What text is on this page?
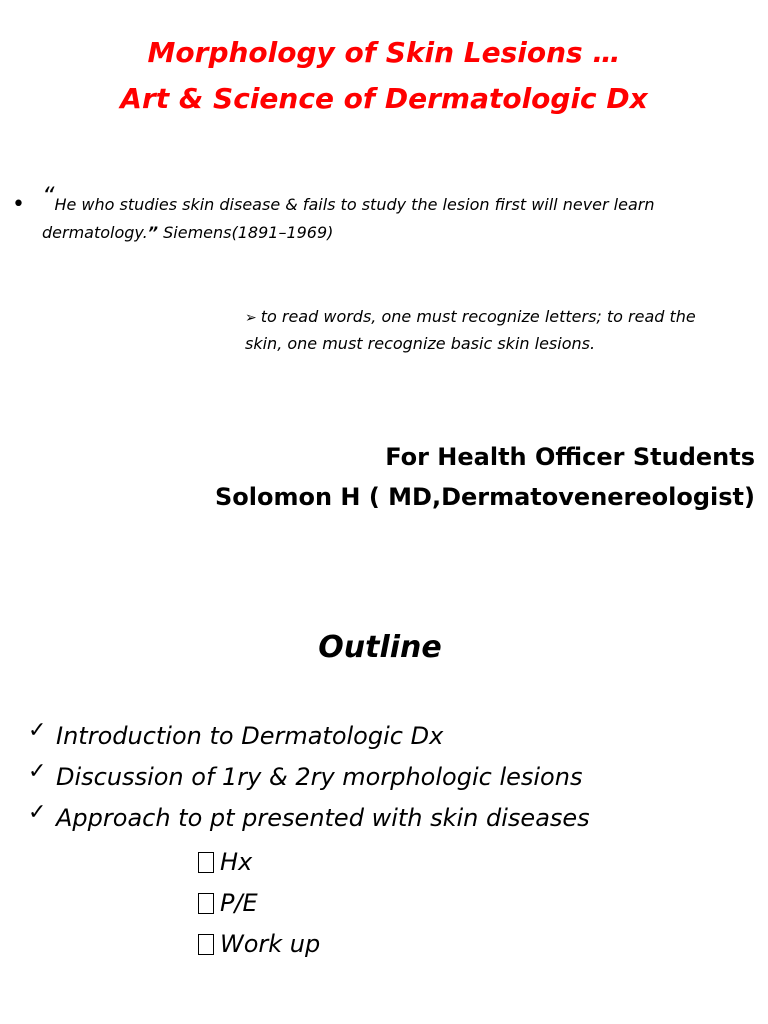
Morphology of Skin Lesions …
Art & Science of Dermatologic Dx
• “He who studies skin disease & fails to study the lesion first will never learn dermatology.” Siemens(1891–1969)
➢ to read words, one must recognize letters; to read the skin, one must recognize basic skin lesions.
For Health Officer Students
Solomon H ( MD,Dermatovenereologist)
Outline
✓ Introduction to Dermatologic Dx
✓ Discussion of 1ry & 2ry morphologic lesions
✓ Approach to pt presented with skin diseases
Hx
P/E
Work up
